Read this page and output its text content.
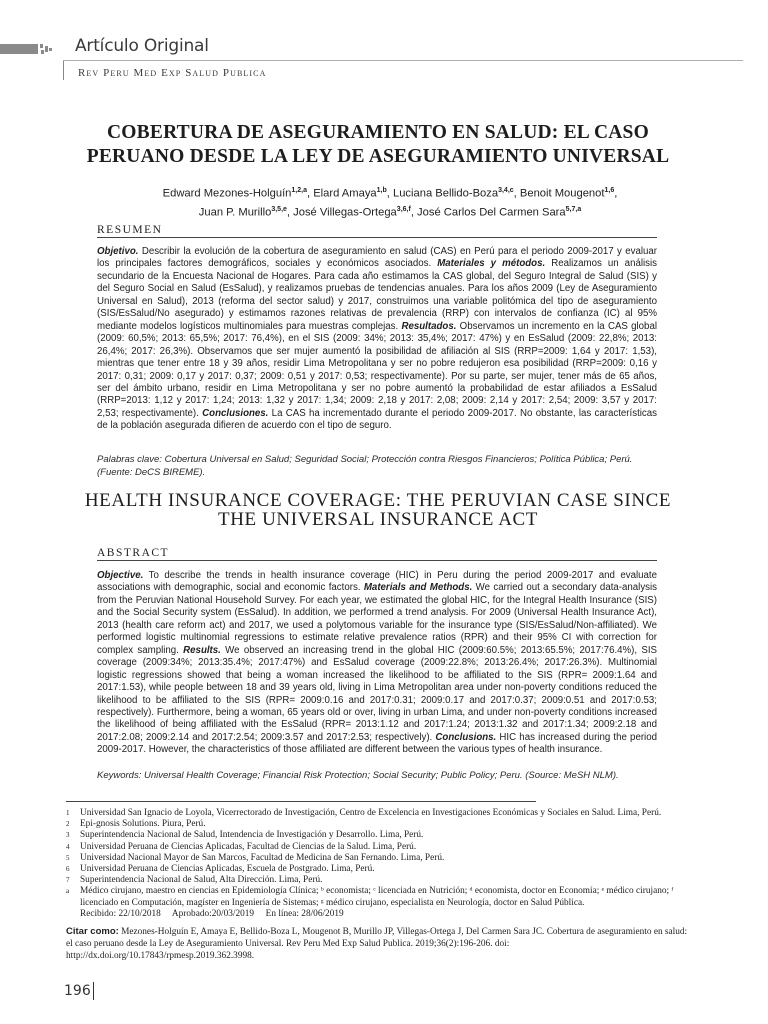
Artículo Original
Rev Peru Med Exp Salud Publica
COBERTURA DE ASEGURAMIENTO EN SALUD: EL CASO PERUANO DESDE LA LEY DE ASEGURAMIENTO UNIVERSAL
Edward Mezones-Holguín$^{1,2,a}$, Elard Amaya$^{1,b}$, Luciana Bellido-Boza$^{3,4,c}$, Benoit Mougenot$^{1,6}$,
Juan P. Murillo$^{3,5,e}$, José Villegas-Ortega$^{3,6,f}$, José Carlos Del Carmen Sara$^{5,7,a}$
RESUMEN
Objetivo. Describir la evolución de la cobertura de aseguramiento en salud (CAS) en Perú para el periodo 2009-2017 y evaluar los principales factores demográficos, sociales y económicos asociados. Materiales y métodos. Realizamos un análisis secundario de la Encuesta Nacional de Hogares. Para cada año estimamos la CAS global, del Seguro Integral de Salud (SIS) y del Seguro Social en Salud (EsSalud), y realizamos pruebas de tendencias anuales. Para los años 2009 (Ley de Aseguramiento Universal en Salud), 2013 (reforma del sector salud) y 2017, construimos una variable politómica del tipo de aseguramiento (SIS/EsSalud/No asegurado) y estimamos razones relativas de prevalencia (RRP) con intervalos de confianza (IC) al 95% mediante modelos logísticos multinomiales para muestras complejas. Resultados. Observamos un incremento en la CAS global (2009: 60,5%; 2013: 65,5%; 2017: 76,4%), en el SIS (2009: 34%; 2013: 35,4%; 2017: 47%) y en EsSalud (2009: 22,8%; 2013: 26,4%; 2017: 26,3%). Observamos que ser mujer aumentó la posibilidad de afiliación al SIS (RRP=2009: 1,64 y 2017: 1,53), mientras que tener entre 18 y 39 años, residir Lima Metropolitana y ser no pobre redujeron esa posibilidad (RRP=2009: 0,16 y 2017: 0,31; 2009: 0,17 y 2017: 0,37; 2009: 0,51 y 2017: 0,53; respectivamente). Por su parte, ser mujer, tener más de 65 años, ser del ámbito urbano, residir en Lima Metropolitana y ser no pobre aumentó la probabilidad de estar afiliados a EsSalud (RRP=2013: 1,12 y 2017: 1,24; 2013: 1,32 y 2017: 1,34; 2009: 2,18 y 2017: 2,08; 2009: 2,14 y 2017: 2,54; 2009: 3,57 y 2017: 2,53; respectivamente). Conclusiones. La CAS ha incrementado durante el periodo 2009-2017. No obstante, las características de la población asegurada difieren de acuerdo con el tipo de seguro.
Palabras clave: Cobertura Universal en Salud; Seguridad Social; Protección contra Riesgos Financieros; Política Pública; Perú. (Fuente: DeCS BIREME).
HEALTH INSURANCE COVERAGE: THE PERUVIAN CASE SINCE THE UNIVERSAL INSURANCE ACT
ABSTRACT
Objective. To describe the trends in health insurance coverage (HIC) in Peru during the period 2009-2017 and evaluate associations with demographic, social and economic factors. Materials and Methods. We carried out a secondary data-analysis from the Peruvian National Household Survey. For each year, we estimated the global HIC, for the Integral Health Insurance (SIS) and the Social Security system (EsSalud). In addition, we performed a trend analysis. For 2009 (Universal Health Insurance Act), 2013 (health care reform act) and 2017, we used a polytomous variable for the insurance type (SIS/EsSalud/Non-affiliated). We performed logistic multinomial regressions to estimate relative prevalence ratios (RPR) and their 95% CI with correction for complex sampling. Results. We observed an increasing trend in the global HIC (2009:60.5%; 2013:65.5%; 2017:76.4%), SIS coverage (2009:34%; 2013:35.4%; 2017:47%) and EsSalud coverage (2009:22.8%; 2013:26.4%; 2017:26.3%). Multinomial logistic regressions showed that being a woman increased the likelihood to be affiliated to the SIS (RPR= 2009:1.64 and 2017:1.53), while people between 18 and 39 years old, living in Lima Metropolitan area under non-poverty conditions reduced the likelihood to be affiliated to the SIS (RPR= 2009:0.16 and 2017:0.31; 2009:0.17 and 2017:0.37; 2009:0.51 and 2017:0.53; respectively). Furthermore, being a woman, 65 years old or over, living in urban Lima, and under non-poverty conditions increased the likelihood of being affiliated with the EsSalud (RPR= 2013:1.12 and 2017:1.24; 2013:1.32 and 2017:1.34; 2009:2.18 and 2017:2.08; 2009:2.14 and 2017:2.54; 2009:3.57 and 2017:2.53; respectively). Conclusions. HIC has increased during the period 2009-2017. However, the characteristics of those affiliated are different between the various types of health insurance.
Keywords: Universal Health Coverage; Financial Risk Protection; Social Security; Public Policy; Peru. (Source: MeSH NLM).
1	Universidad San Ignacio de Loyola, Vicerrectorado de Investigación, Centro de Excelencia en Investigaciones Económicas y Sociales en Salud. Lima, Perú.
2	Epi-gnosis Solutions. Piura, Perú.
3	Superintendencia Nacional de Salud, Intendencia de Investigación y Desarrollo. Lima, Perú.
4	Universidad Peruana de Ciencias Aplicadas, Facultad de Ciencias de la Salud. Lima, Perú.
5	Universidad Nacional Mayor de San Marcos, Facultad de Medicina de San Fernando. Lima, Perú.
6	Universidad Peruana de Ciencias Aplicadas, Escuela de Postgrado. Lima, Perú.
7	Superintendencia Nacional de Salud, Alta Dirección. Lima, Perú.
a	Médico cirujano, maestro en ciencias en Epidemiología Clínica; ᵇ economista; ᶜ licenciada en Nutrición; ᵈ economista, doctor en Economía; ᵉ médico cirujano; ᶠ licenciado en Computación, magíster en Ingeniería de Sistemas; ᵍ médico cirujano, especialista en Neurología, doctor en Salud Pública.
Recibido: 22/10/2018     Aprobado:20/03/2019     En línea: 28/06/2019
Citar como: Mezones-Holguín E, Amaya E, Bellido-Boza L, Mougenot B, Murillo JP, Villegas-Ortega J, Del Carmen Sara JC. Cobertura de aseguramiento en salud: el caso peruano desde la Ley de Aseguramiento Universal. Rev Peru Med Exp Salud Publica. 2019;36(2):196-206. doi: http://dx.doi.org/10.17843/rpmesp.2019.362.3998.
196
